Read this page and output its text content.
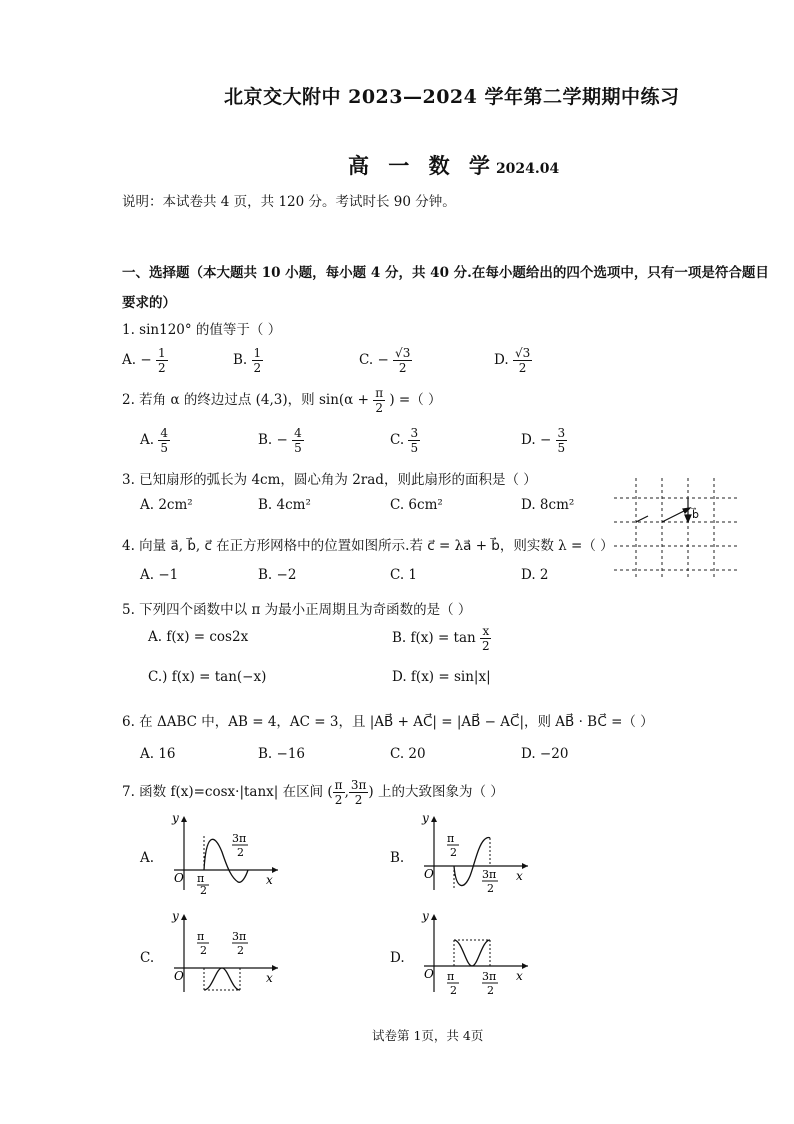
北京交大附中 2023—2024 学年第二学期期中练习
高 一 数 学2024.04
说明：本试卷共 4 页，共 120 分。考试时长 90 分钟。
一、选择题（本大题共 10 小题，每小题 4 分，共 40 分.在每小题给出的四个选项中，只有一项是符合题目要求的）
1. sin120° 的值等于（ ）
A. − $\frac{1}{2}$	B. $\frac{1}{2}$	C. − $\frac{√3}{2}$	D. $\frac{√3}{2}$
2. 若角 α 的终边过点 (4,3)，则 $\sin(\alpha + \frac{\pi}{2}$ ) =（ ）
A. $\frac{4}{5}$	B. − $\frac{4}{5}$	C. $\frac{3}{5}$	D. − $\frac{3}{5}$
3. 已知扇形的弧长为 4cm，圆心角为 2rad，则此扇形的面积是（ ）
A. 2cm²	B. 4cm²	C. 6cm²	D. 8cm²
b⃗
4. 向量 a⃗, b⃗, c⃗ 在正方形网格中的位置如图所示.若 c⃗ = λa⃗ + b⃗，则实数 λ =（ ）
A. −1	B. −2	C. 1	D. 2
5. 下列四个函数中以 π 为最小正周期且为奇函数的是（ ）
A. f(x) = cos2x	B. $f(x) = \tan \frac{x}{2}$
C.) f(x) = tan(−x)	D. f(x) = sin|x|
6. 在 ΔABC 中，AB = 4，AC = 3，且 |AB⃗ + AC⃗| = |AB⃗ − AC⃗|，则 AB⃗ · BC⃗ =（ ）
A. 16	B. −16	C. 20	D. −20
7. 函数 f(x)=cosx·|tanx| 在区间 ( $\frac{\pi}{2}$ , $\frac{3\pi}{2}$ ) 上的大致图象为（ ）
A.
y
x
O π
2
3π
2	B.
y
x
O
π
2
3π
2
C.
y
x
O
π
2
3π
2	D.
y
x
O π
2
3π
2
试卷第 1页，共 4页
